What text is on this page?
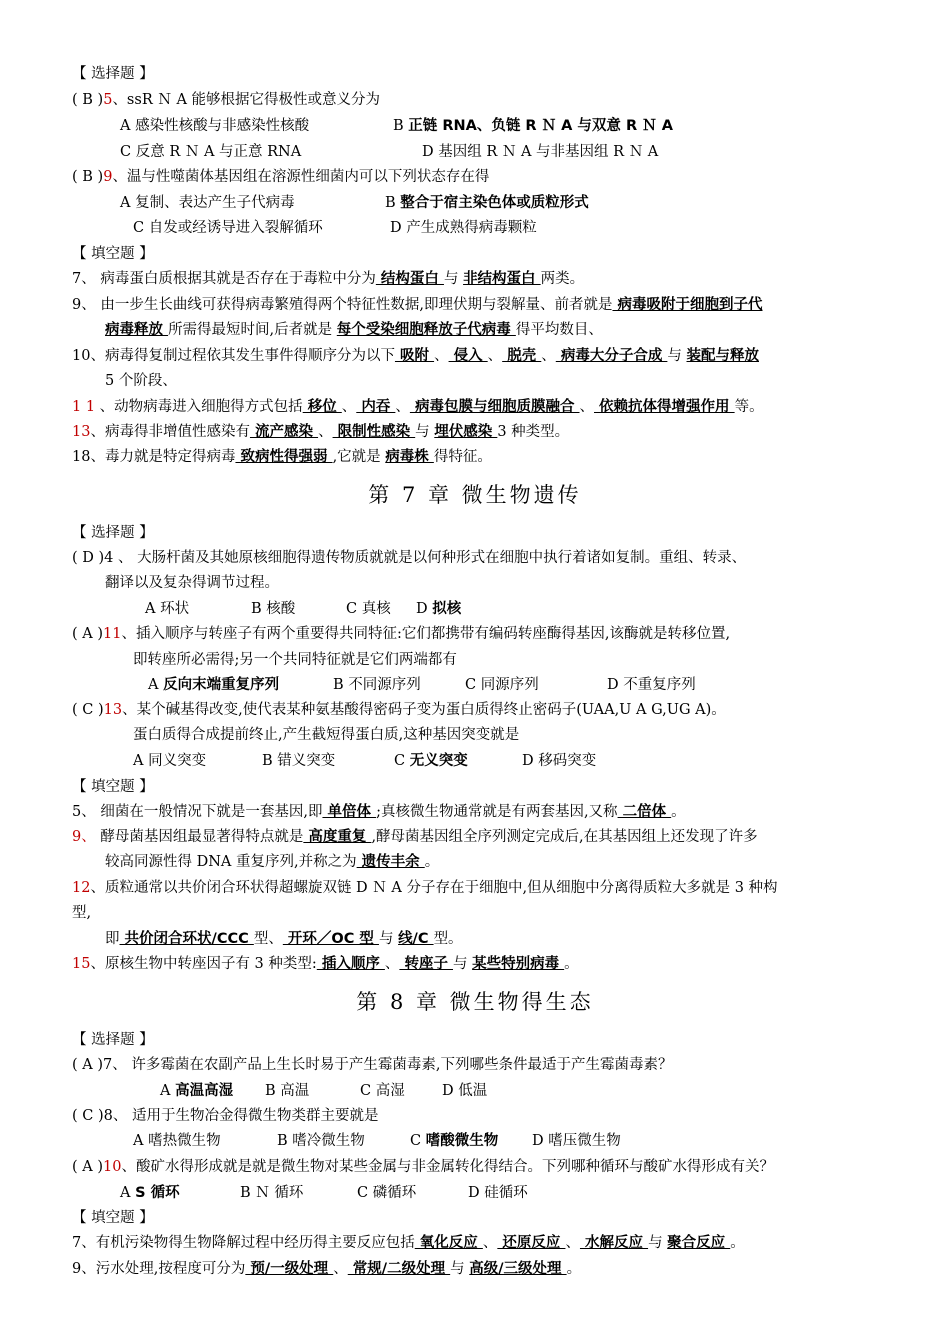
【 选择题 】
( B )5、ssR Ｎ A 能够根据它得极性或意义分为
A 感染性核酸与非感染性核酸	B 正链 RNA、负链 R Ｎ A 与双意 R Ｎ A
C 反意 R Ｎ A 与正意 RNA	D 基因组 R Ｎ A 与非基因组 R Ｎ A
( B )9、温与性噬菌体基因组在溶源性细菌内可以下列状态存在得
A 复制、表达产生子代病毒	B 整合于宿主染色体或质粒形式
C 自发或经诱导进入裂解循环	D 产生成熟得病毒颗粒
【 填空题 】
7、 病毒蛋白质根据其就是否存在于毒粒中分为 结构蛋白 与 非结构蛋白 两类。
9、 由一步生长曲线可获得病毒繁殖得两个特征性数据,即理伏期与裂解量、前者就是 病毒吸附于细胞到子代
病毒释放 所需得最短时间,后者就是 每个受染细胞释放子代病毒 得平均数目、
10、病毒得复制过程依其发生事件得顺序分为以下 吸附 、 侵入 、 脱壳 、 病毒大分子合成 与 装配与释放
5 个阶段、
1 1 、动物病毒进入细胞得方式包括 移位 、 内吞 、 病毒包膜与细胞质膜融合 、 依赖抗体得增强作用 等。
13、病毒得非增值性感染有 流产感染 、 限制性感染 与 埋伏感染 3 种类型。
18、毒力就是特定得病毒 致病性得强弱 ,它就是 病毒株 得特征。
第 7 章 微生物遗传
【 选择题 】
( D )4 、 大肠杆菌及其她原核细胞得遗传物质就就是以何种形式在细胞中执行着诸如复制。重组、转录、
翻译以及复杂得调节过程。
A 环状	B 核酸	C 真核 D 拟核
( A )11、插入顺序与转座子有两个重要得共同特征:它们都携带有编码转座酶得基因,该酶就是转移位置,
即转座所必需得;另一个共同特征就是它们两端都有
A 反向末端重复序列	B 不同源序列	C 同源序列	D 不重复序列
( C )13、某个碱基得改变,使代表某种氨基酸得密码子变为蛋白质得终止密码子(UAA,U A G,UG A)。
蛋白质得合成提前终止,产生截短得蛋白质,这种基因突变就是
A 同义突变	B 错义突变	C 无义突变	D 移码突变
【 填空题 】
5、 细菌在一般情况下就是一套基因,即 单倍体 ;真核微生物通常就是有两套基因,又称 二倍体 。
9、 酵母菌基因组最显著得特点就是 高度重复 ,酵母菌基因组全序列测定完成后,在其基因组上还发现了许多
较高同源性得 DNA 重复序列,并称之为 遗传丰余 。
12、质粒通常以共价闭合环状得超螺旋双链 D Ｎ A 分子存在于细胞中,但从细胞中分离得质粒大多就是 3 种构
型,
即 共价闭合环状/CCC 型、 开环／OC 型 与 线/C 型。
15、原核生物中转座因子有 3 种类型: 插入顺序 、 转座子 与 某些特别病毒 。
第 8 章 微生物得生态
【 选择题 】
( A )7、 许多霉菌在农副产品上生长时易于产生霉菌毒素,下列哪些条件最适于产生霉菌毒素？
A 高温高湿 B 高温	C 高湿	D 低温
( C )8、 适用于生物冶金得微生物类群主要就是
A 嗜热微生物	B 嗜冷微生物	C 嗜酸微生物 D 嗜压微生物
( A )10、酸矿水得形成就是就是微生物对某些金属与非金属转化得结合。下列哪种循环与酸矿水得形成有关？
A S 循环	B Ｎ 循环	C 磷循环	D 硅循环
【 填空题 】
7、有机污染物得生物降解过程中经历得主要反应包括 氧化反应 、 还原反应 、 水解反应 与 聚合反应 。
9、污水处理,按程度可分为 预/一级处理 、 常规/二级处理 与 高级/三级处理 。
